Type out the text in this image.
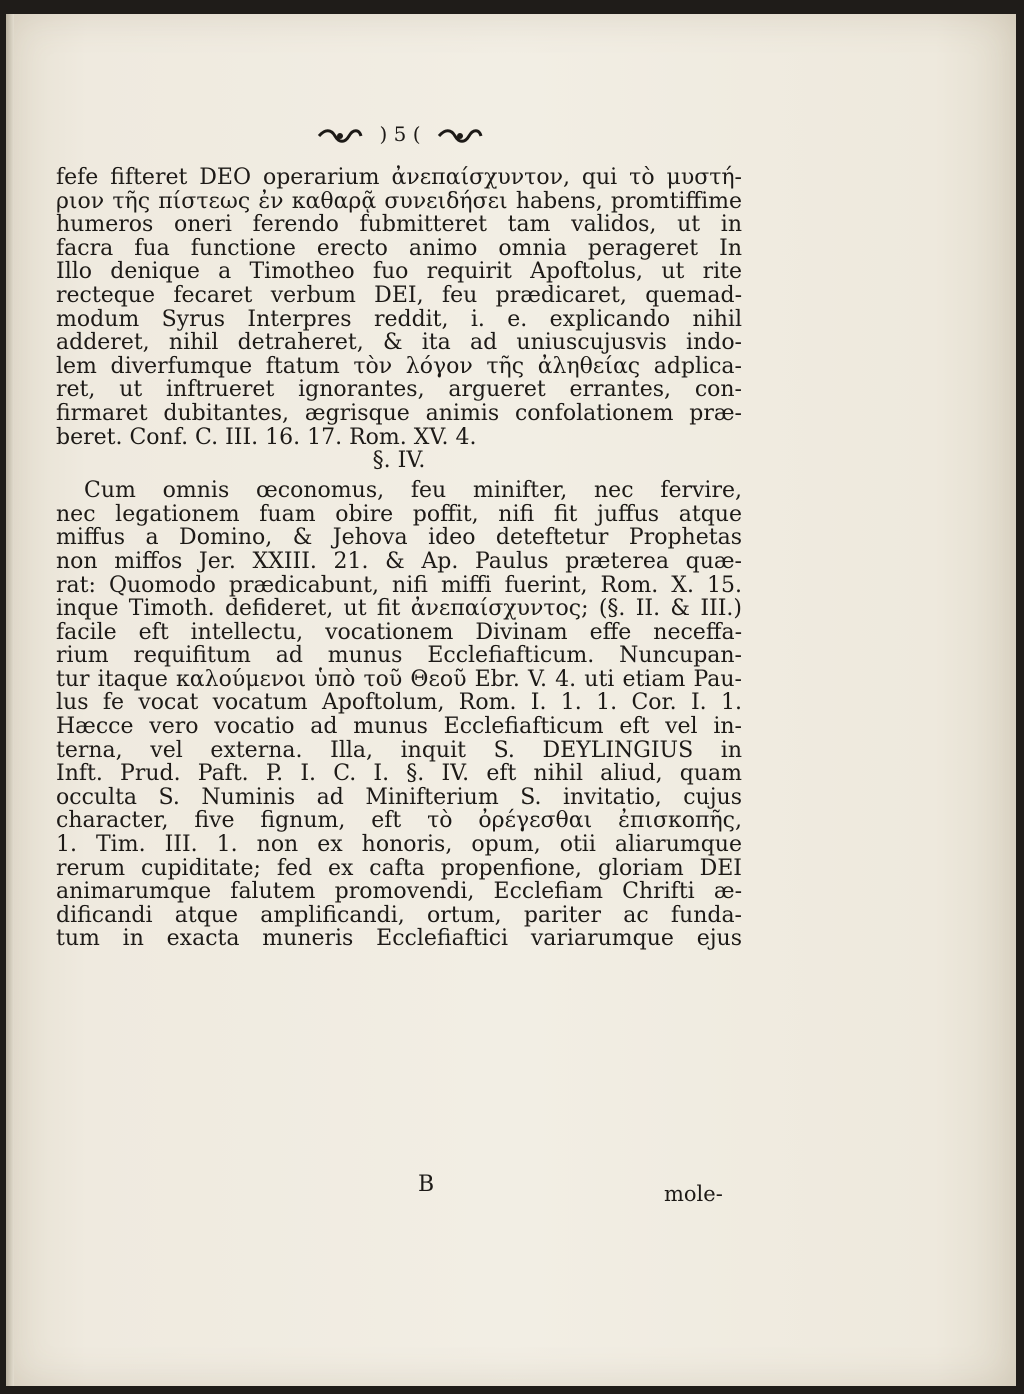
) 5 (
fefe fifteret DEO operarium ἀνεπαίσχυντον, qui τὸ μυστή-
ριον τῆς πίστεως ἐν καθαρᾷ συνειδήσει habens, promtiffime
humeros oneri ferendo fubmitteret tam validos, ut in
facra fua functione erecto animo omnia perageret In
Illo denique a Timotheo fuo requirit Apoftolus, ut rite
recteque fecaret verbum DEI, feu prædicaret, quemad-
modum Syrus Interpres reddit, i. e. explicando nihil
adderet, nihil detraheret, & ita ad uniuscujusvis indo-
lem diverfumque ftatum τὸν λόγον τῆς ἀληθείας adplica-
ret, ut inftrueret ignorantes, argueret errantes, con-
firmaret dubitantes, ægrisque animis confolationem præ-
beret. Conf. C. III. 16. 17. Rom. XV. 4.
§. IV.
Cum omnis œconomus, feu minifter, nec fervire,
nec legationem fuam obire poffit, nifi fit juffus atque
miffus a Domino, & Jehova ideo deteftetur Prophetas
non miffos Jer. XXIII. 21. & Ap. Paulus præterea quæ-
rat: Quomodo prædicabunt, nifi miffi fuerint, Rom. X. 15.
inque Timoth. defideret, ut fit ἀνεπαίσχυντος; (§. II. & III.)
facile eft intellectu, vocationem Divinam effe neceffa-
rium requifitum ad munus Ecclefiafticum. Nuncupan-
tur itaque καλούμενοι ὑπὸ τοῦ Θεοῦ Ebr. V. 4. uti etiam Pau-
lus fe vocat vocatum Apoftolum, Rom. I. 1. 1. Cor. I. 1.
Hæcce vero vocatio ad munus Ecclefiafticum eft vel in-
terna, vel externa. Illa, inquit S. DEYLINGIUS in
Inft. Prud. Paft. P. I. C. I. §. IV. eft nihil aliud, quam
occulta S. Numinis ad Minifterium S. invitatio, cujus
character, five fignum, eft τὸ ὀρέγεσθαι ἐπισκοπῆς,
1. Tim. III. 1. non ex honoris, opum, otii aliarumque
rerum cupiditate; fed ex cafta propenfione, gloriam DEI
animarumque falutem promovendi, Ecclefiam Chrifti æ-
dificandi atque amplificandi, ortum, pariter ac funda-
tum in exacta muneris Ecclefiaftici variarumque ejus
B	mole-
